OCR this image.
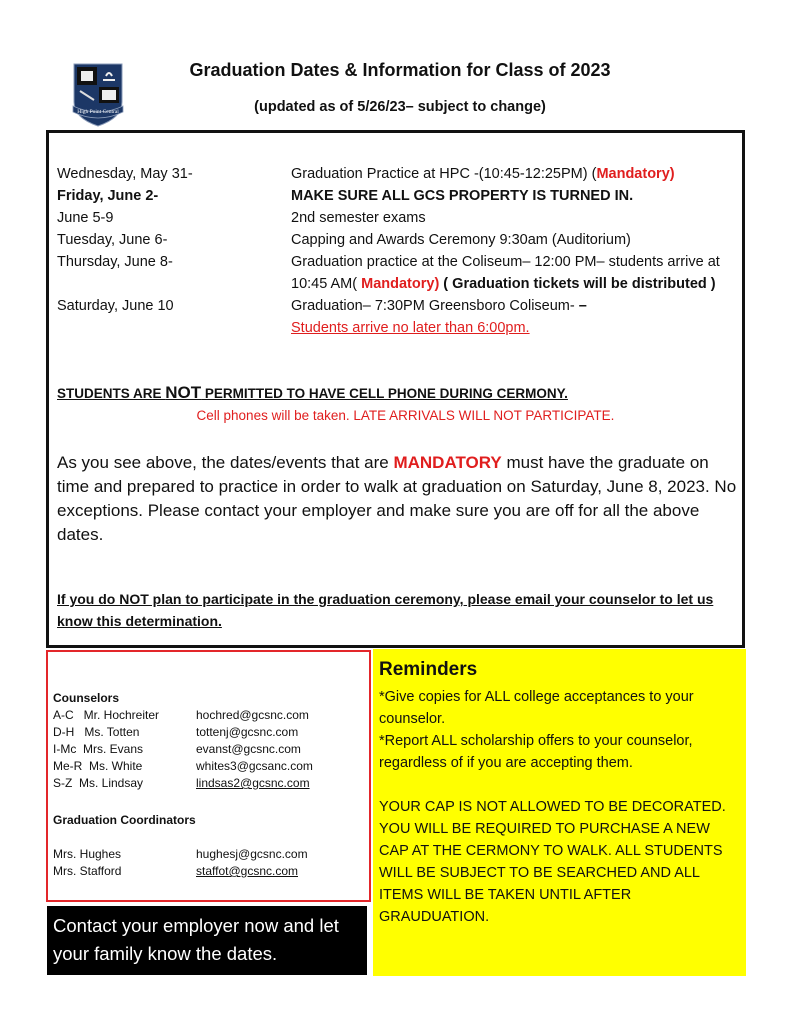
High Point Central
Graduation Dates & Information for Class of 2023
(updated as of 5/26/23– subject to change)
Wednesday, May 31-	Graduation Practice at HPC -(10:45-12:25PM) (Mandatory)
Friday, June 2-	MAKE SURE ALL GCS PROPERTY IS TURNED IN.
June 5-9	2nd semester exams
Tuesday, June 6-	Capping and Awards Ceremony 9:30am (Auditorium)
Thursday, June 8-	Graduation practice at the Coliseum– 12:00 PM– students arrive at 10:45 AM( Mandatory) ( Graduation tickets will be distributed )
Saturday, June 10	Graduation– 7:30PM Greensboro Coliseum- –
Students arrive no later than 6:00pm.
STUDENTS ARE NOT PERMITTED TO HAVE CELL PHONE DURING CERMONY.
Cell phones will be taken. LATE ARRIVALS WILL NOT PARTICIPATE.
As you see above, the dates/events that are MANDATORY must have the graduate on time and prepared to practice in order to walk at graduation on Saturday, June 8, 2023. No exceptions. Please contact your employer and make sure you are off for all the above dates.
If you do NOT plan to participate in the graduation ceremony, please email your counselor to let us know this determination.
Counselors
A-C   Mr. Hochreiter	hochred@gcsnc.com
D-H   Ms. Totten	tottenj@gcsnc.com
I-Mc  Mrs. Evans	evanst@gcsnc.com
Me-R  Ms. White	whites3@gcsanc.com
S-Z  Ms. Lindsay	lindsas2@gcsnc.com
Graduation Coordinators
Mrs. Hughes	hughesj@gcsnc.com
Mrs. Stafford	staffot@gcsnc.com
Contact your employer now and let your family know the dates.
Reminders
*Give copies for ALL college acceptances to your counselor.
*Report ALL scholarship offers to your counselor, regardless of if you are accepting them.
YOUR CAP IS NOT ALLOWED TO BE DECORATED. YOU WILL BE REQUIRED TO PURCHASE A NEW CAP AT THE CERMONY TO WALK. ALL STUDENTS WILL BE SUBJECT TO BE SEARCHED AND ALL ITEMS WILL BE TAKEN UNTIL AFTER GRAUDUATION.
